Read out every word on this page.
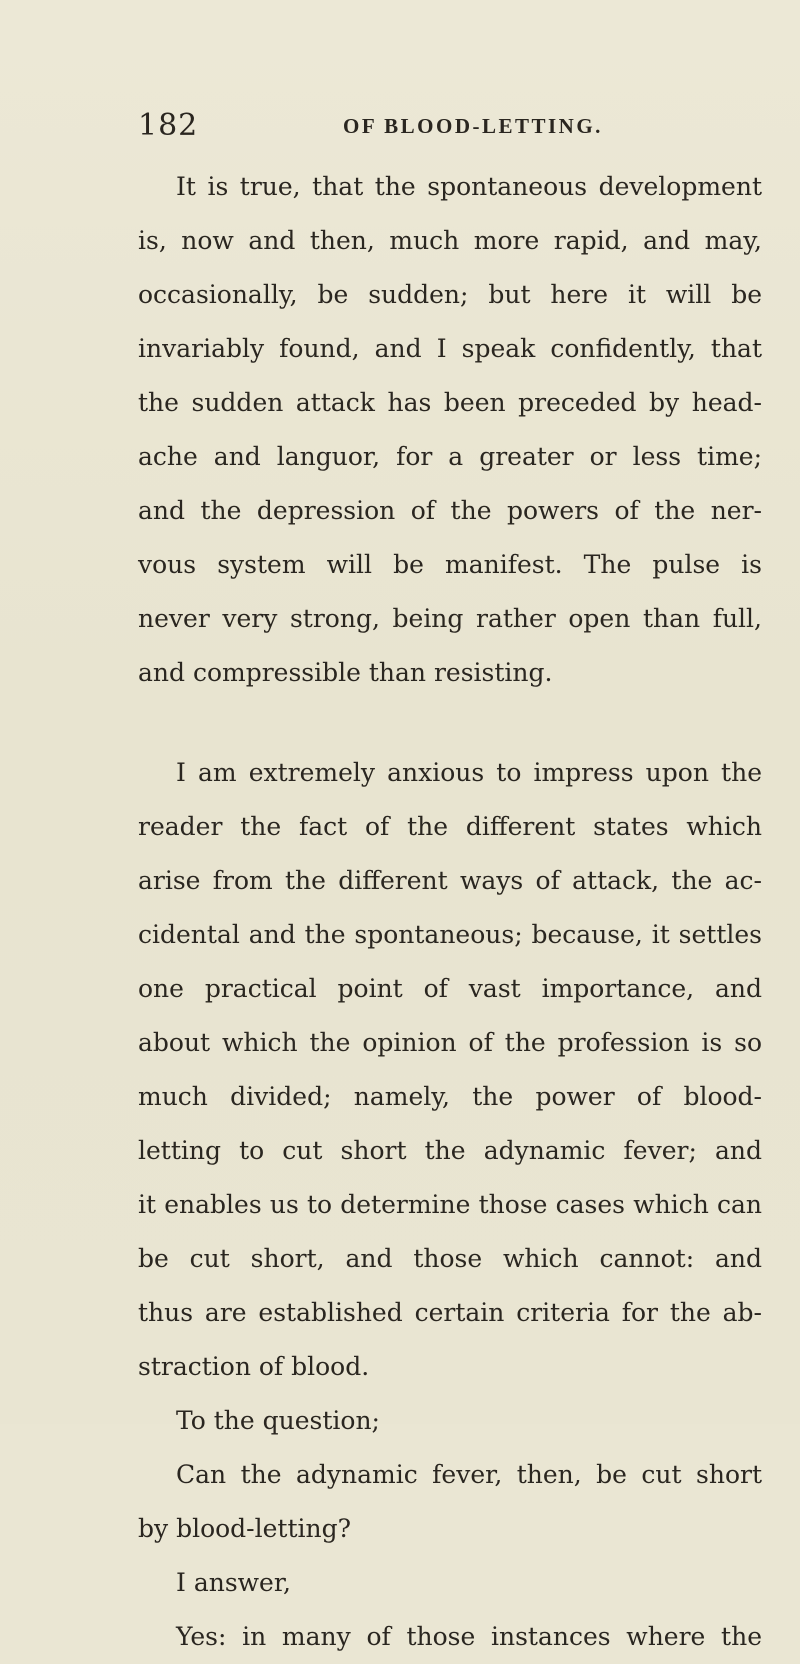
182	OF BLOOD-LETTING.
It is true, that the spontaneous development
is, now and then, much more rapid, and may,
occasionally, be sudden; but here it will be
invariably found, and I speak confidently, that
the sudden attack has been preceded by head-
ache and languor, for a greater or less time;
and the depression of the powers of the ner-
vous system will be manifest. The pulse is
never very strong, being rather open than full,
and compressible than resisting.
I am extremely anxious to impress upon the
reader the fact of the different states which
arise from the different ways of attack, the ac-
cidental and the spontaneous; because, it settles
one practical point of vast importance, and
about which the opinion of the profession is so
much divided; namely, the power of blood-
letting to cut short the adynamic fever; and
it enables us to determine those cases which can
be cut short, and those which cannot: and
thus are established certain criteria for the ab-
straction of blood.
To the question;
Can the adynamic fever, then, be cut short
by blood-letting?
I answer,
Yes: in many of those instances where the
